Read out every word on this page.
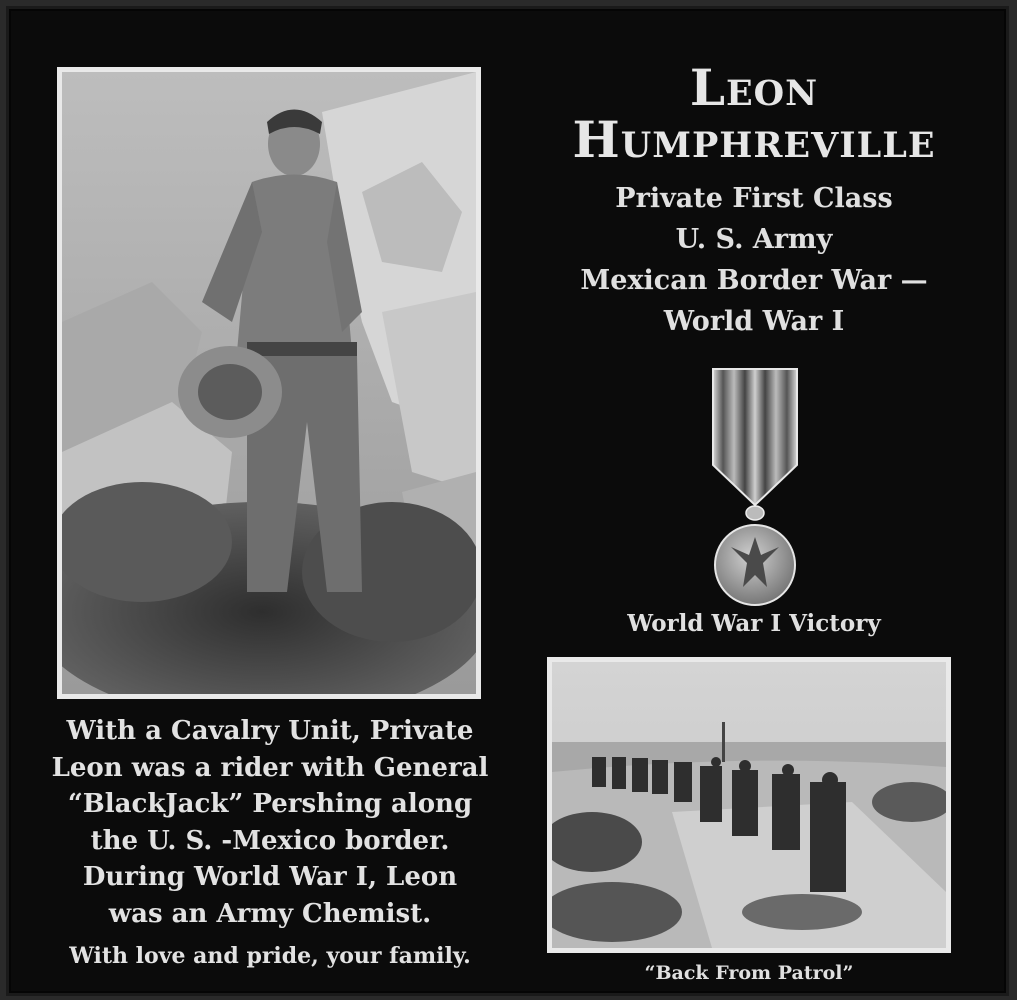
Leon
Humphreville
Private First Class
U. S. Army
Mexican Border War —
World War I
World War I Victory
With a Cavalry Unit, Private
Leon was a rider with General
“BlackJack” Pershing along
the U. S. -Mexico border.
During World War I, Leon
was an Army Chemist.
With love and pride, your family.
“Back From Patrol”
